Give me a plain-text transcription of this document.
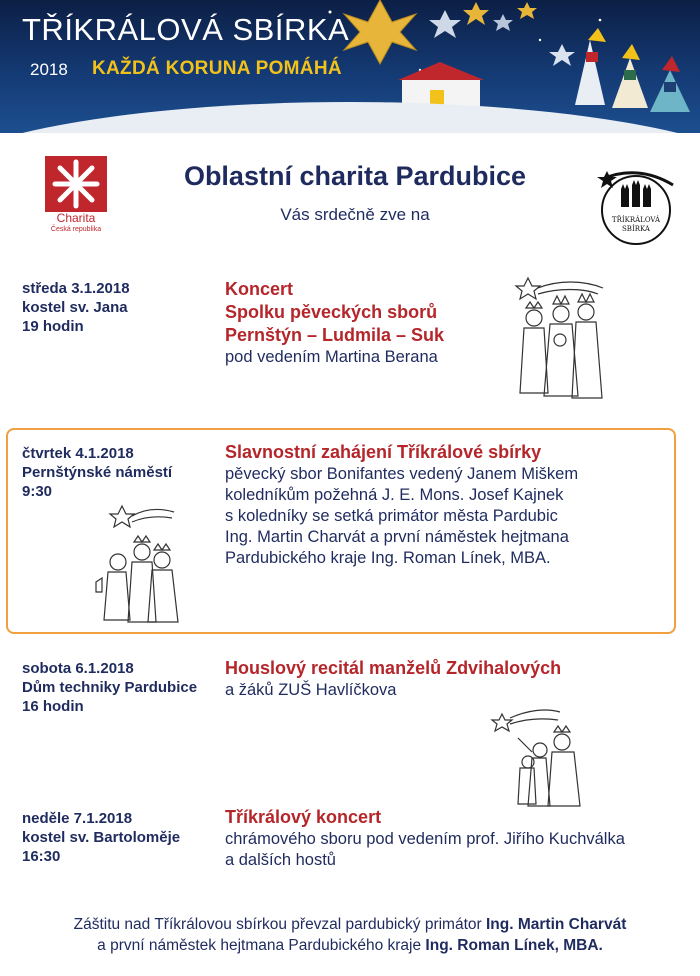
TŘÍKRÁLOVÁ SBÍRKA
2018 KAŽDÁ KORUNA POMÁHÁ
Charita
Česká republika
TŘÍKRÁLOVÁ
SBÍRKA
Oblastní charita Pardubice
Vás srdečně zve na
středa 3.1.2018
kostel sv. Jana
19 hodin
Koncert
Spolku pěveckých sborů
Pernštýn – Ludmila – Suk
pod vedením Martina Berana
čtvrtek 4.1.2018
Pernštýnské náměstí
9:30
Slavnostní zahájení Tříkrálové sbírky
pěvecký sbor Bonifantes vedený Janem Miškem
koledníkům požehná J. E. Mons. Josef Kajnek
s koledníky se setká primátor města Pardubic
Ing. Martin Charvát a první náměstek hejtmana
Pardubického kraje Ing. Roman Línek, MBA.
sobota 6.1.2018
Dům techniky Pardubice
16 hodin
Houslový recitál manželů Zdvihalových
a žáků ZUŠ Havlíčkova
neděle 7.1.2018
kostel sv. Bartoloměje
16:30
Tříkrálový koncert
chrámového sboru pod vedením prof. Jiřího Kuchválka
a dalších hostů
Záštitu nad Tříkrálovou sbírkou převzal pardubický primátor Ing. Martin Charvát
a první náměstek hejtmana Pardubického kraje Ing. Roman Línek, MBA.
